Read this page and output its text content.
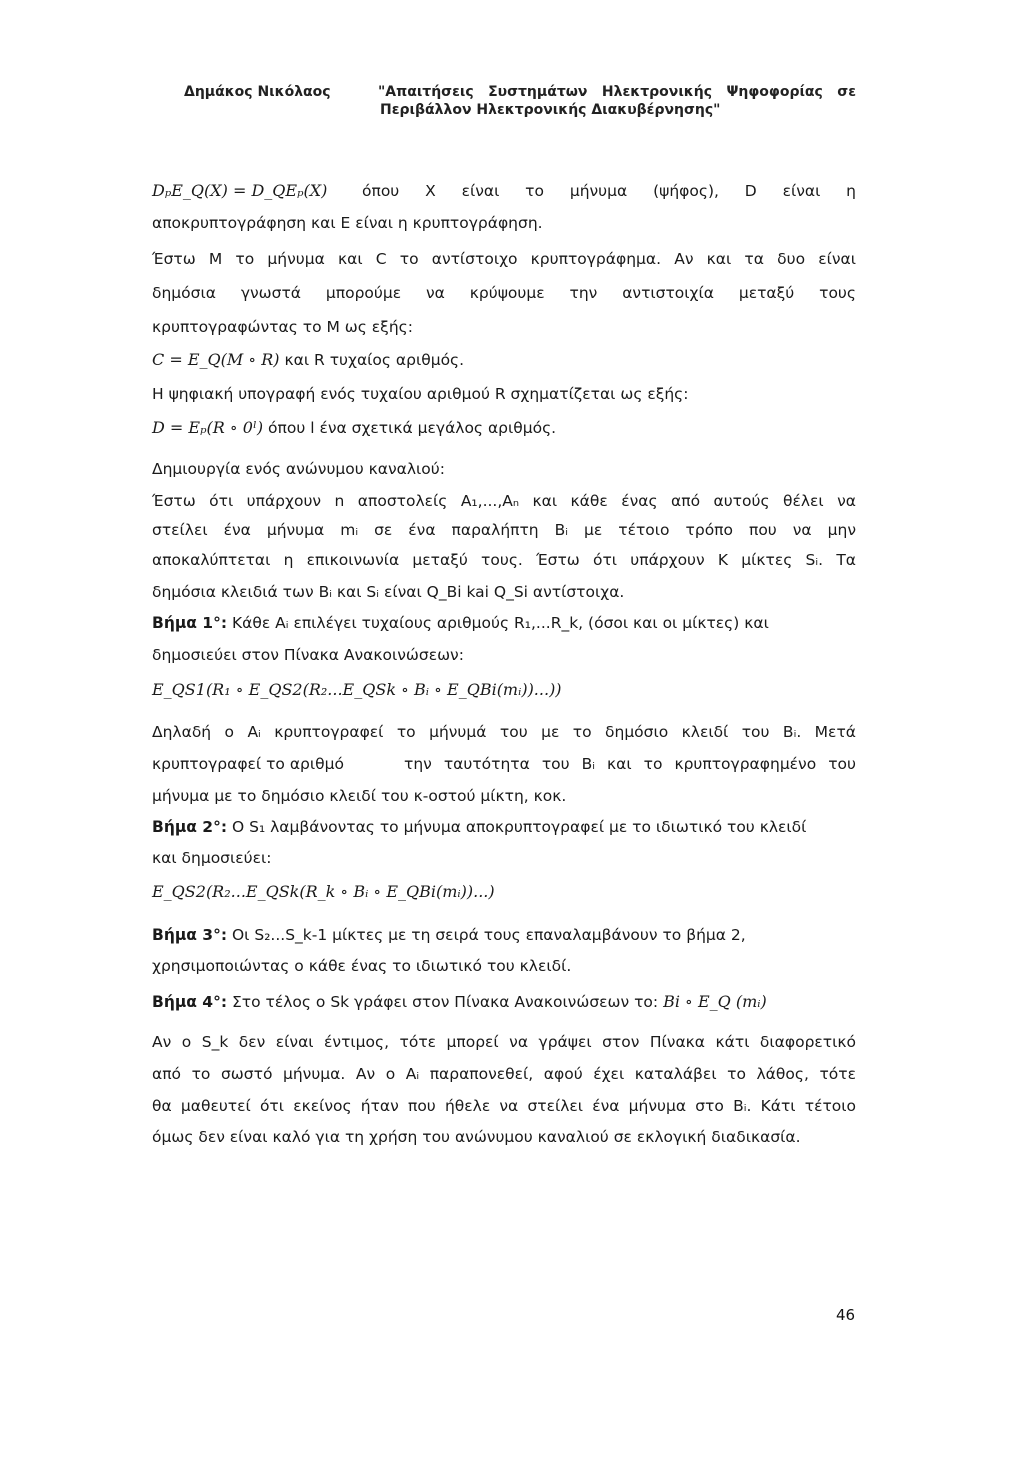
Δημάκος Νικόλαος	"Απαιτήσεις Συστημάτων Ηλεκτρονικής Ψηφοφορίας σε
Περιβάλλον Ηλεκτρονικής Διακυβέρνησης"
DₚE_Q(X) = D_QEₚ(X) όπου Χ είναι το μήνυμα (ψήφος), D είναι η
αποκρυπτογράφηση και Ε είναι η κρυπτογράφηση.
Έστω Μ το μήνυμα και C το αντίστοιχο κρυπτογράφημα. Αν και τα δυο είναι
δημόσια γνωστά μπορούμε να κρύψουμε την αντιστοιχία μεταξύ τους
κρυπτογραφώντας το Μ ως εξής:
C = E_Q(M ∘ R) και R τυχαίος αριθμός.
Η ψηφιακή υπογραφή ενός τυχαίου αριθμού R σχηματίζεται ως εξής:
D = Eₚ(R ∘ 0ˡ) όπου l ένα σχετικά μεγάλος αριθμός.
Δημιουργία ενός ανώνυμου καναλιού:
Έστω ότι υπάρχουν n αποστολείς A₁,...,Aₙ και κάθε ένας από αυτούς θέλει να
στείλει ένα μήνυμα mᵢ σε ένα παραλήπτη Bᵢ με τέτοιο τρόπο που να μην
αποκαλύπτεται η επικοινωνία μεταξύ τους. Έστω ότι υπάρχουν Κ μίκτες Sᵢ. Τα
δημόσια κλειδιά των Bᵢ και Sᵢ είναι Q_Bi kai Q_Si αντίστοιχα.
Βήμα 1°: Κάθε Aᵢ επιλέγει τυχαίους αριθμούς R₁,...R_k, (όσοι και οι μίκτες) και
δημοσιεύει στον Πίνακα Ανακοινώσεων:
E_QS1(R₁ ∘ E_QS2(R₂...E_QSk ∘ Bᵢ ∘ E_QBi(mᵢ))...))
Δηλαδή ο Aᵢ κρυπτογραφεί το μήνυμά του με το δημόσιο κλειδί του Bᵢ. Μετά
κρυπτογραφεί το αριθμό	την ταυτότητα του Bᵢ και το κρυπτογραφημένο του
μήνυμα με το δημόσιο κλειδί του κ-οστού μίκτη, κοκ.
Βήμα 2°: Ο S₁ λαμβάνοντας το μήνυμα αποκρυπτογραφεί με το ιδιωτικό του κλειδί
και δημοσιεύει:
E_QS2(R₂...E_QSk(R_k ∘ Bᵢ ∘ E_QBi(mᵢ))...)
Βήμα 3°: Οι S₂...S_k-1 μίκτες με τη σειρά τους επαναλαμβάνουν το βήμα 2,
χρησιμοποιώντας ο κάθε ένας το ιδιωτικό του κλειδί.
Βήμα 4°: Στο τέλος ο Sk γράφει στον Πίνακα Ανακοινώσεων το: Bi ∘ E_Q (mᵢ)
Αν ο S_k δεν είναι έντιμος, τότε μπορεί να γράψει στον Πίνακα κάτι διαφορετικό
από το σωστό μήνυμα. Αν ο Aᵢ παραπονεθεί, αφού έχει καταλάβει το λάθος, τότε
θα μαθευτεί ότι εκείνος ήταν που ήθελε να στείλει ένα μήνυμα στο Bᵢ. Κάτι τέτοιο
όμως δεν είναι καλό για τη χρήση του ανώνυμου καναλιού σε εκλογική διαδικασία.
46
